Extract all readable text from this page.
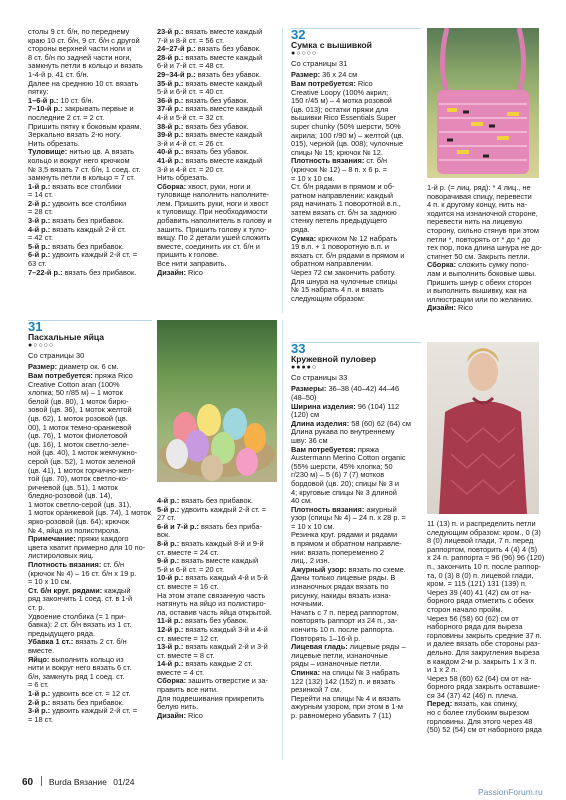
столы 9 ст. б/н, по переднему

краю 10 ст. б/н, 9 ст. б/н с другой

стороны верхней части ноги и

8 ст. б/н по задней части ноги,

замкнуть петли в кольцо и вязать

1-4-й р. 41 ст. б/н.

Далее на среднюю 10 ст. вязать

пятку:

1–6-й р.: 10 ст. б/н.

7–10-й р.: закрывать первые и

последние 2 ст. = 2 ст.

Пришить пятку к боковым краям.

Зеркально вязать 2-ю ногу.

Нить обрезать.

Туловище: нитью цв. А вязать

кольцо и вокруг него крючком

№ 3,5 вязать 7 ст. б/н, 1 соед. ст.

замкнуть петли в кольцо = 7 ст.

1-й р.: вязать все столбики

= 14 ст.

2-й р.: удвоить все столбики

= 28 ст.

3-й р.: вязать без прибавок.

4-й р.: вязать каждый 2-й ст.

= 42 ст.

5-й р.: вязать без прибавок.

6-й р.: удвоить каждый 2-й ст. =

63 ст.

7–22-й р.: вязать без прибавок.

23-й р.: вязать вместе каждый

7-й и 8-й ст. = 56 ст.

24–27-й р.: вязать без убавок.

28-й р.: вязать вместе каждый

6-й и 7-й ст. = 48 ст.

29–34-й р.: вязать без убавок.

35-й р.: вязать вместе каждый

5-й и 6-й ст. = 40 ст.

36-й р.: вязать без убавок.

37-й р.: вязать вместе каждый

4-й и 5-й ст. = 32 ст.

38-й р.: вязать без убавок.

39-й р.: вязать вместе каждый

3-й и 4-й ст. = 26 ст.

40-й р.: вязать без убавок.

41-й р.: вязать вместе каждый

3-й и 4-й ст. = 20 ст.

Нить обрезать.

Сборка: хвост, руки, ноги и

туловище наполнить наполните-

лем. Пришить руки, ноги и хвост

к туловищу. При необходимости

добавить наполнитель в голову и

зашить. Пришить голову к туло-

вищу. По 2 детали ушей сложить

вместе, соединить их ст. б/н и

пришить к голове.

Все нити заправить.

Дизайн: Rico

32
Сумка с вышивкой
●○○○○
Со страницы 31

Размер: 36 x 24 см

Вам потребуется: Rico

Creative Loopy (100% акрил;

150 г/45 м) – 4 мотка розовой

(цв. 013); остатки пряжи для

вышивки Rico Essentials Super

super chunky (50% шерсти, 50%

акрила; 100 г/90 м) – желтой (цв.

015), черной (цв. 008); чулочные

спицы № 15; крючок № 12.

Плотность вязания: ст. б/н

(крючок № 12) – 8 п. x 6 р. =

= 10 x 10 см.

Ст. б/н рядами в прямом и об-

ратном направлении: каждый

ряд начинать 1 поворотной в.п.,

затем вязать ст. б/н за заднюю

стенку петель предыдущего

ряда.

Сумка: крючком № 12 набрать

19 в.п. + 1 поворотную в.п. и

вязать ст. б/н рядами в прямом и

обратном направлении.

Через 72 см закончить работу.

Для шнура на чулочные спицы

№ 15 набрать 4 п. и вязать

следующим образом:

1-й р. (= лиц. ряд): * 4 лиц., не

поворачивая спицу, перевести

4 п. к другому концу, нить на-

ходится на изнаночной стороне,

перевести нить на лицевую

сторону, сильно стянув при этом

петли *, повторять от * до * до

тех пор, пока длина шнура не до-

стигнет 50 см. Закрыть петли.

Сборка: сложить сумку попо-

лам и выполнить боковые швы.

Пришить шнур с обеих сторон

и выполнить вышивку, как на

иллюстрации или по желанию.

Дизайн: Rico

31
Пасхальные яйца
●○○○○
Со страницы 30

Размер: диаметр ок. 6 см.

Вам потребуется: пряжа Rico

Creative Cotton aran (100%

хлопка; 50 г/85 м) – 1 моток

белой (цв. 80), 1 моток бирю-

зовой (цв. 36), 1 моток желтой

(цв. 62), 1 моток розовой (цв.

00), 1 моток темно-оранжевой

(цв. 76), 1 моток фиолетовой

(цв. 16), 1 моток светло-зеле-

ной (цв. 40), 1 моток жемчужно-

серой (цв. 52), 1 моток зеленой

(цв. 41), 1 моток горчично-жел-

той (цв. 70), моток светло-ко-

ричневой (цв. 51), 1 моток

бледно-розовой (цв. 14),

1 моток светло-серой (цв. 31),

1 моток оранжевой (цв. 74), 1 моток

ярко-розовой (цв. 64); крючок

№ 4, яйца из полистирола.

Примечание: пряжи каждого

цвета хватит примерно для 10 по-

листироловых яиц.

Плотность вязания: ст. б/н

(крючок № 4) – 16 ст. б/н x 19 р.

= 10 x 10 см.

Ст. б/н круг. рядами: каждый

ряд закончить 1 соед. ст. в 1-й

ст. р.

Удвоение столбика (= 1 при-

бавка): 2 ст. б/н вязать из 1 ст.

предыдущего ряда.

Убавка 1 ст.: вязать 2 ст. б/н

вместе.

Яйцо: выполнить кольцо из

нити и вокруг него вязать 6 ст.

б/н, замкнуть ряд 1 соед. ст.

= 6 ст.

1-й р.: удвоить все ст. = 12 ст.

2-й р.: вязать без прибавок.

3-й р.: удвоить каждый 2-й ст. =

= 18 ст.

4-й р.: вязать без прибавок.

5-й р.: удвоить каждый 2-й ст. =

27 ст.

6-й и 7-й р.: вязать без приба-

вок.

8-й р.: вязать каждый 8-й и 9-й

ст. вместе = 24 ст.

9-й р.: вязать вместе каждый

5-й и 6-й ст. = 20 ст.

10-й р.: вязать каждый 4-й и 5-й

ст. вместе = 16 ст.

На этом этапе связанную часть

натянуть на яйцо из полистиро-

ла, оставив часть яйца открытой.

11-й р.: вязать без убавок.

12-й р.: вязать каждый 3-й и 4-й

ст. вместе = 12 ст.

13-й р.: вязать каждый 2-й и 3-й

ст. вместе = 8 ст.

14-й р.: вязать каждые 2 ст.

вместе = 4 ст.

Сборка: зашить отверстие и за-

править все нити.

Для подвешивания прикрепить

белую нить.

Дизайн: Rico

33
Кружевной пуловер
●●●●○
Со страницы 33

Размеры: 36–38 (40–42) 44–46

(48–50)

Ширина изделия: 96 (104) 112

(120) см

Длина изделия: 58 (60) 62 (64) см

Длина рукава по внутреннему

шву: 36 см

Вам потребуется: пряжа

Austermann Merino Cotton organic

(55% шерсти, 45% хлопка; 50

г/230 м) – 5 (6) 7 (7) мотков

бордовой (цв. 20); спицы № 3 и

4; круговые спицы № 3 длиной

40 см.

Плотность вязания: ажурный

узор (спицы № 4) – 24 п. x 28 р. =

= 10 x 10 см.

Резинка круг. рядами и рядами

в прямом и обратном направле-

нии: вязать попеременно 2

лиц., 2 изн.

Ажурный узор: вязать по схеме.

Даны только лицевые ряды. В

изнаночных рядах вязать по

рисунку, накиды вязать изна-

ночными.

Начать с 7 п. перед раппортом,

повторять раппорт из 24 п., за-

кончить 10 п. после раппорта.

Повторять 1–16-й р.

Лицевая гладь: лицевые ряды –

лицевые петли, изнаночные

ряды – изнаночные петли.

Спинка: на спицы № 3 набрать

122 (132) 142 (152) п. и вязать

резинкой 7 см.

Перейти на спицы № 4 и вязать

ажурным узором, при этом в 1-м

р. равномерно убавить 7 (11)

11 (13) п. и распределить петли

следующим образом: кром., 0 (3)

8 (0) лицевой глади, 7 п. перед

раппортом, повторить 4 (4) 4 (5)

x 24 п. раппорта = 96 (96) 96 (120)

п., закончить 10 п. после раппор-

та, 0 (3) 8 (0) п. лицевой глади,

кром. = 115 (121) 131 (139) п.

Через 39 (40) 41 (42) см от на-

борного ряда отметить с обеих

сторон начало пройм.

Через 56 (58) 60 (62) см от

наборного ряда для выреза

горловины закрыть средние 37 п.

и далее вязать обе стороны раз-

дельно. Для закругления выреза

в каждом 2-м р. закрыть 1 x 3 п.

и 1 x 2 п.

Через 58 (60) 62 (64) см от на-

борного ряда закрыть оставшие-

ся 34 (37) 42 (46) п. плеча.

Перед: вязать, как спинку,

но с более глубоким вырезом

горловины. Для этого через 48

(50) 52 (54) см от наборного ряда

60 Burda Вязание 01/24
PassionForum.ru
